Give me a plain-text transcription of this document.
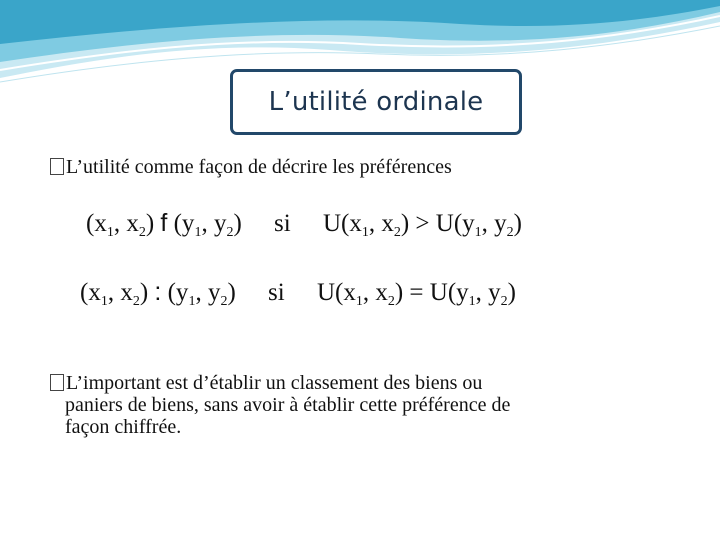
L’utilité ordinale
L’utilité comme façon de décrire les préférences
($x_1$, $x_2$) f ($y_1$, $y_2$) si $U(x_1$, $x_2) > U(y_1$, $y_2$)
($x_1$, $x_2$) : ($y_1$, $y_2$) si $U(x_1$, $x_2) = U(y_1$, $y_2$)
L’important est d’établir un classement des biens ou
paniers de biens, sans avoir à établir cette préférence de
façon chiffrée.
